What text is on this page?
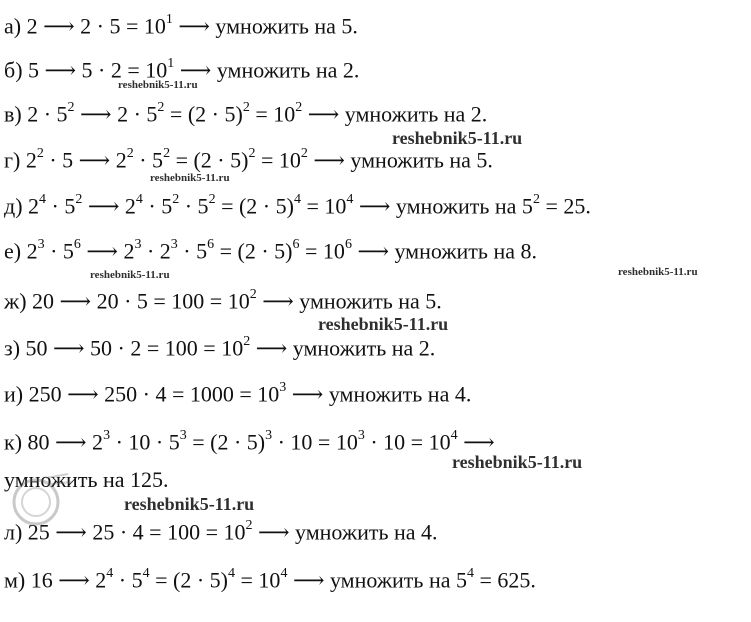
а) 2 ⟶ $2 \cdot 5 = 10^1$ ⟶ умножить на 5.
б) 5 ⟶ $5 \cdot 2 = 10^1$ ⟶ умножить на 2.
в) $2 \cdot 5^2$ ⟶ $2 \cdot 5^2 = (2 \cdot 5)^2 = 10^2$ ⟶ умножить на 2.
г) $2^2 \cdot 5$ ⟶ $2^2 \cdot 5^2 = (2 \cdot 5)^2 = 10^2$ ⟶ умножить на 5.
д) $2^4 \cdot 5^2$ ⟶ $2^4 \cdot 5^2 \cdot 5^2 = (2 \cdot 5)^4 = 10^4$ ⟶ умножить на $5^2 = 25$.
е) $2^3 \cdot 5^6$ ⟶ $2^3 \cdot 2^3 \cdot 5^6 = (2 \cdot 5)^6 = 10^6$ ⟶ умножить на 8.
ж) 20 ⟶ $20 \cdot 5 = 100 = 10^2$ ⟶ умножить на 5.
з) 50 ⟶ $50 \cdot 2 = 100 = 10^2$ ⟶ умножить на 2.
и) 250 ⟶ $250 \cdot 4 = 1000 = 10^3$ ⟶ умножить на 4.
к) 80 ⟶ $2^3 \cdot 10 \cdot 5^3 = (2 \cdot 5)^3 \cdot 10 = 10^3 \cdot 10 = 10^4$ ⟶
умножить на 125.
л) 25 ⟶ $25 \cdot 4 = 100 = 10^2$ ⟶ умножить на 4.
м) 16 ⟶ $2^4 \cdot 5^4 = (2 \cdot 5)^4 = 10^4$ ⟶ умножить на $5^4 = 625$.
reshebnik5-11.ru
reshebnik5-11.ru
reshebnik5-11.ru
reshebnik5-11.ru	reshebnik5-11.ru
reshebnik5-11.ru
reshebnik5-11.ru
reshebnik5-11.ru
